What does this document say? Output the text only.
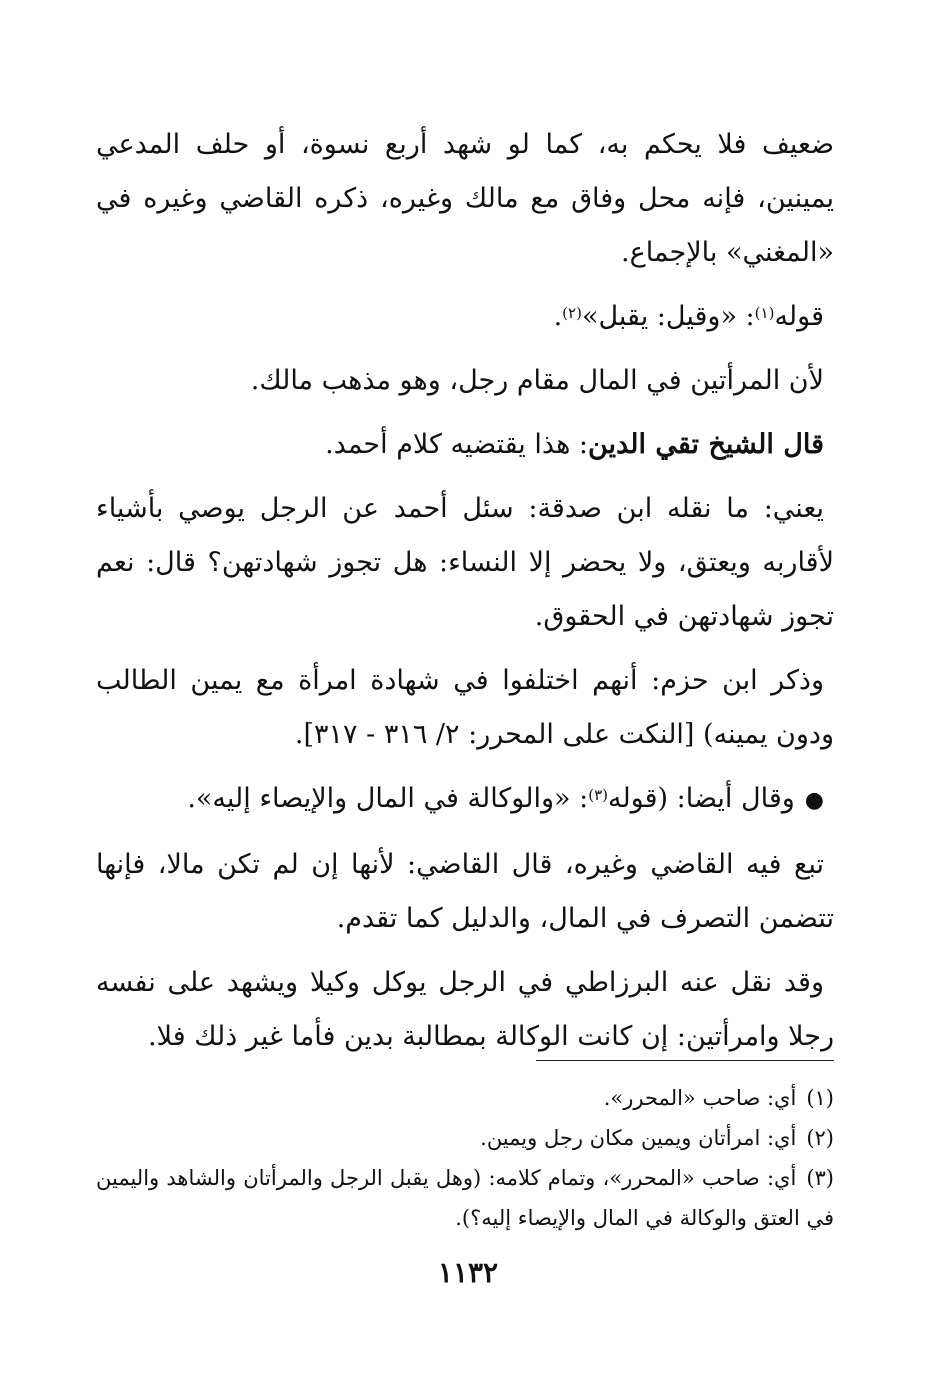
ضعيف فلا يحكم به، كما لو شهد أربع نسوة، أو حلف المدعي يمينين، فإنه محل وفاق مع مالك وغيره، ذكره القاضي وغيره في «المغني» بالإجماع.

قوله$^{(١)}$: «وقيل: يقبل»$^{(٢)}$.

لأن المرأتين في المال مقام رجل، وهو مذهب مالك.

قال الشيخ تقي الدين: هذا يقتضيه كلام أحمد.

يعني: ما نقله ابن صدقة: سئل أحمد عن الرجل يوصي بأشياء لأقاربه ويعتق، ولا يحضر إلا النساء: هل تجوز شهادتهن؟ قال: نعم تجوز شهادتهن في الحقوق.

وذكر ابن حزم: أنهم اختلفوا في شهادة امرأة مع يمين الطالب ودون يمينه) [النكت على المحرر: ٢/ ٣١٦ - ٣١٧].

●وقال أيضا: (قوله$^{(٣)}$: «والوكالة في المال والإيصاء إليه».

تبع فيه القاضي وغيره، قال القاضي: لأنها إن لم تكن مالا، فإنها تتضمن التصرف في المال، والدليل كما تقدم.

وقد نقل عنه البرزاطي في الرجل يوكل وكيلا ويشهد على نفسه رجلا وامرأتين: إن كانت الوكالة بمطالبة بدين فأما غير ذلك فلا.

(١)أي: صاحب «المحرر».

(٢)أي: امرأتان ويمين مكان رجل ويمين.

(٣)أي: صاحب «المحرر»، وتمام كلامه: (وهل يقبل الرجل والمرأتان والشاهد واليمين في العتق والوكالة في المال والإيصاء إليه؟).

١١٣٢
